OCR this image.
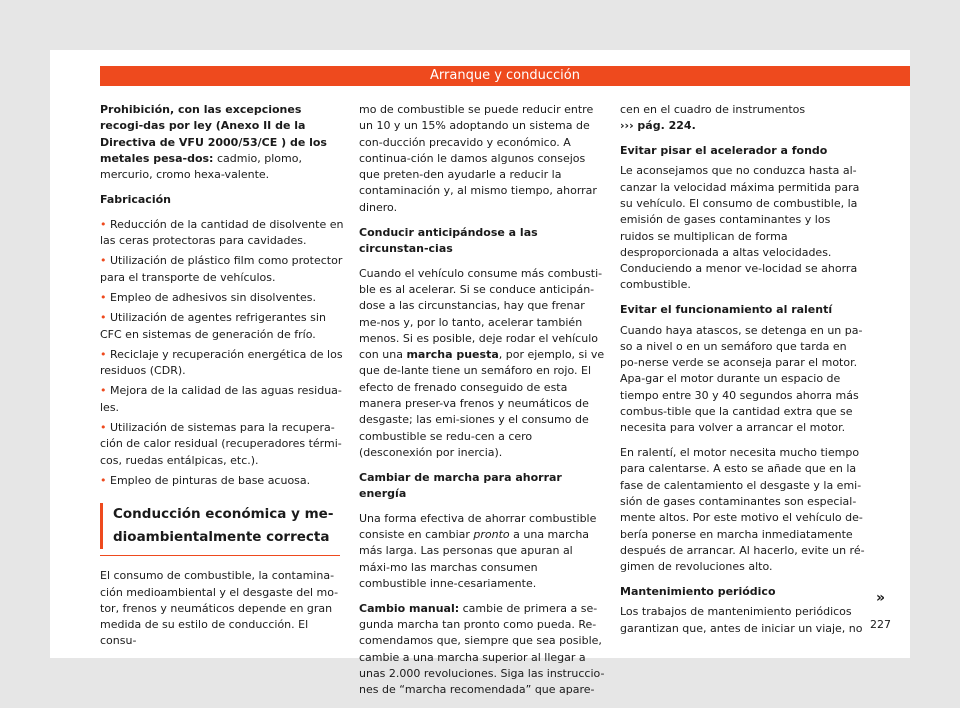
Arranque y conducción

Prohibición, con las excepciones recogi-das por ley (Anexo II de la Directiva de VFU 2000/53/CE ) de los metales pesa-dos: cadmio, plomo, mercurio, cromo hexa-valente.

Fabricación

• Reducción de la cantidad de disolvente en las ceras protectoras para cavidades.

• Utilización de plástico film como protector para el transporte de vehículos.

• Empleo de adhesivos sin disolventes.

• Utilización de agentes refrigerantes sin CFC en sistemas de generación de frío.

• Reciclaje y recuperación energética de los residuos (CDR).

• Mejora de la calidad de las aguas residua-les.

• Utilización de sistemas para la recupera-ción de calor residual (recuperadores térmi-cos, ruedas entálpicas, etc.).

• Empleo de pinturas de base acuosa.

Conducción económica y me-dioambientalmente correcta

El consumo de combustible, la contamina-ción medioambiental y el desgaste del mo-tor, frenos y neumáticos depende en gran medida de su estilo de conducción. El consu-

mo de combustible se puede reducir entre un 10 y un 15% adoptando un sistema de con-ducción precavido y económico. A continua-ción le damos algunos consejos que preten-den ayudarle a reducir la contaminación y, al mismo tiempo, ahorrar dinero.

Conducir anticipándose a las circunstan-cias

Cuando el vehículo consume más combusti-ble es al acelerar. Si se conduce anticipán-dose a las circunstancias, hay que frenar me-nos y, por lo tanto, acelerar también menos. Si es posible, deje rodar el vehículo con una marcha puesta, por ejemplo, si ve que de-lante tiene un semáforo en rojo. El efecto de frenado conseguido de esta manera preser-va frenos y neumáticos de desgaste; las emi-siones y el consumo de combustible se redu-cen a cero (desconexión por inercia).

Cambiar de marcha para ahorrar energía

Una forma efectiva de ahorrar combustible consiste en cambiar pronto a una marcha más larga. Las personas que apuran al máxi-mo las marchas consumen combustible inne-cesariamente.

Cambio manual: cambie de primera a se-gunda marcha tan pronto como pueda. Re-comendamos que, siempre que sea posible, cambie a una marcha superior al llegar a unas 2.000 revoluciones. Siga las instruccio-nes de “marcha recomendada” que apare-

cen en el cuadro de instrumentos
››› pág. 224.

Evitar pisar el acelerador a fondo

Le aconsejamos que no conduzca hasta al-canzar la velocidad máxima permitida para su vehículo. El consumo de combustible, la emisión de gases contaminantes y los ruidos se multiplican de forma desproporcionada a altas velocidades. Conduciendo a menor ve-locidad se ahorra combustible.

Evitar el funcionamiento al ralentí

Cuando haya atascos, se detenga en un pa-so a nivel o en un semáforo que tarda en po-nerse verde se aconseja parar el motor. Apa-gar el motor durante un espacio de tiempo entre 30 y 40 segundos ahorra más combus-tible que la cantidad extra que se necesita para volver a arrancar el motor.

En ralentí, el motor necesita mucho tiempo para calentarse. A esto se añade que en la fase de calentamiento el desgaste y la emi-sión de gases contaminantes son especial-mente altos. Por este motivo el vehículo de-bería ponerse en marcha inmediatamente después de arrancar. Al hacerlo, evite un ré-gimen de revoluciones alto.

Mantenimiento periódico

Los trabajos de mantenimiento periódicos garantizan que, antes de iniciar un viaje, no

»
227
